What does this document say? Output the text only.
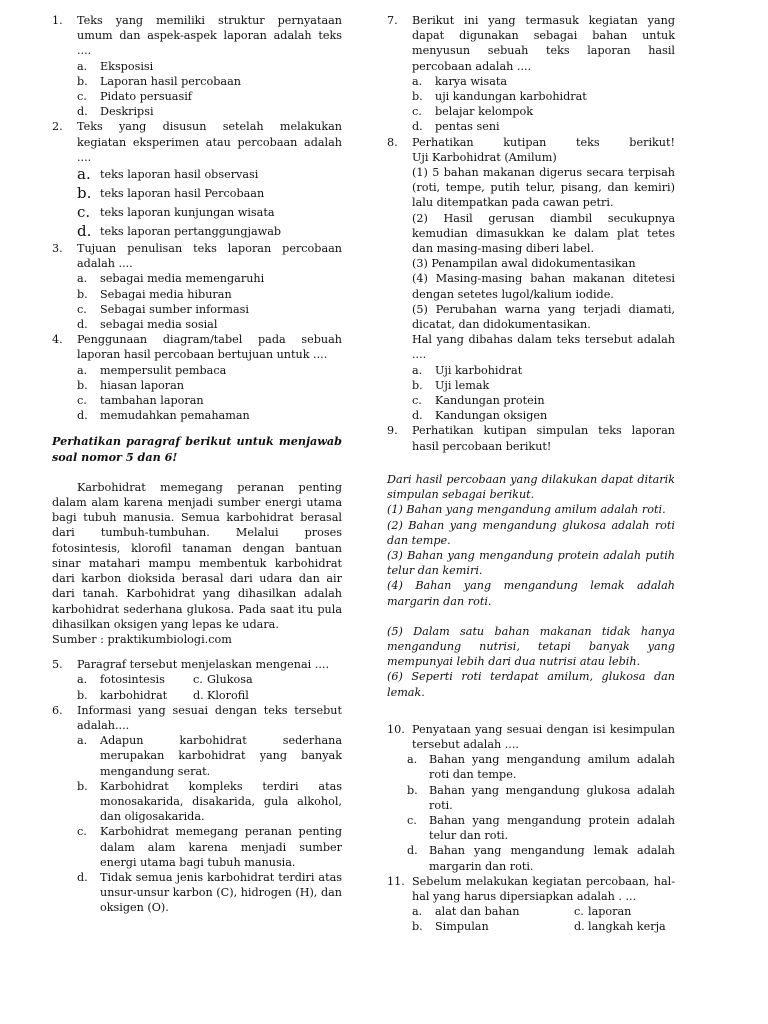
1. Teks yang memiliki struktur pernyataan umum dan aspek-aspek laporan adalah teks ....
a. Eksposisi
b. Laporan hasil percobaan
c. Pidato persuasif
d. Deskripsi
2. Teks yang disusun setelah melakukan kegiatan eksperimen atau percobaan adalah ....
a. teks laporan hasil observasi
b. teks laporan hasil Percobaan
c. teks laporan kunjungan wisata
d. teks laporan pertanggungjawab
3. Tujuan penulisan teks laporan percobaan adalah ....
a. sebagai media memengaruhi
b. Sebagai media hiburan
c. Sebagai sumber informasi
d. sebagai media sosial
4. Penggunaan diagram/tabel pada sebuah laporan hasil percobaan bertujuan untuk ....
a. mempersulit pembaca
b. hiasan laporan
c. tambahan laporan
d. memudahkan pemahaman
Perhatikan paragraf berikut untuk menjawab soal nomor 5 dan 6!
Karbohidrat memegang peranan penting dalam alam karena menjadi sumber energi utama bagi tubuh manusia. Semua karbohidrat berasal dari tumbuh-tumbuhan. Melalui proses fotosintesis, klorofil tanaman dengan bantuan sinar matahari mampu membentuk karbohidrat dari karbon dioksida berasal dari udara dan air dari tanah. Karbohidrat yang dihasilkan adalah karbohidrat sederhana glukosa. Pada saat itu pula dihasilkan oksigen yang lepas ke udara.
Sumber : praktikumbiologi.com
5. Paragraf tersebut menjelaskan mengenai ....
a.	fotosintesis	c. Glukosa
b.	karbohidrat d. Klorofil
6. Informasi yang sesuai dengan teks tersebut adalah....
a. Adapun karbohidrat sederhana merupakan karbohidrat yang banyak mengandung serat.
b. Karbohidrat kompleks terdiri atas monosakarida, disakarida, gula alkohol, dan oligosakarida.
c. Karbohidrat memegang peranan penting dalam alam karena menjadi sumber energi utama bagi tubuh manusia.
d. Tidak semua jenis karbohidrat terdiri atas unsur-unsur karbon (C), hidrogen (H), dan oksigen (O).
7. Berikut ini yang termasuk kegiatan yang dapat digunakan sebagai bahan untuk menyusun sebuah teks laporan hasil percobaan adalah ....
a. karya wisata
b. uji kandungan karbohidrat
c. belajar kelompok
d. pentas seni
8. Perhatikan kutipan teks berikut!
Uji Karbohidrat (Amilum)
(1) 5 bahan makanan digerus secara terpisah (roti, tempe, putih telur, pisang, dan kemiri) lalu ditempatkan pada cawan petri.
(2) Hasil gerusan diambil secukupnya kemudian dimasukkan ke dalam plat tetes dan masing-masing diberi label.
(3) Penampilan awal didokumentasikan
(4) Masing-masing bahan makanan ditetesi dengan setetes lugol/kalium iodide.
(5) Perubahan warna yang terjadi diamati, dicatat, dan didokumentasikan.
Hal yang dibahas dalam teks tersebut adalah ....
a. Uji karbohidrat
b. Uji lemak
c. Kandungan protein
d. Kandungan oksigen
9. Perhatikan kutipan simpulan teks laporan hasil percobaan berikut!
Dari hasil percobaan yang dilakukan dapat ditarik simpulan sebagai berikut.
(1) Bahan yang mengandung amilum adalah roti.
(2) Bahan yang mengandung glukosa adalah roti dan tempe.
(3) Bahan yang mengandung protein adalah putih telur dan kemiri.
(4) Bahan yang mengandung lemak adalah margarin dan roti.
(5) Dalam satu bahan makanan tidak hanya mengandung nutrisi, tetapi banyak yang mempunyai lebih dari dua nutrisi atau lebih.
(6) Seperti roti terdapat amilum, glukosa dan lemak.
10. Penyataan yang sesuai dengan isi kesimpulan tersebut adalah ....
a. Bahan yang mengandung amilum adalah roti dan tempe.
b. Bahan yang mengandung glukosa adalah roti.
c. Bahan yang mengandung protein adalah telur dan roti.
d. Bahan yang mengandung lemak adalah margarin dan roti.
11. Sebelum melakukan kegiatan percobaan, hal-hal yang harus dipersiapkan adalah . ...
a.	alat dan bahan	c. laporan
b.	Simpulan	d. langkah kerja
